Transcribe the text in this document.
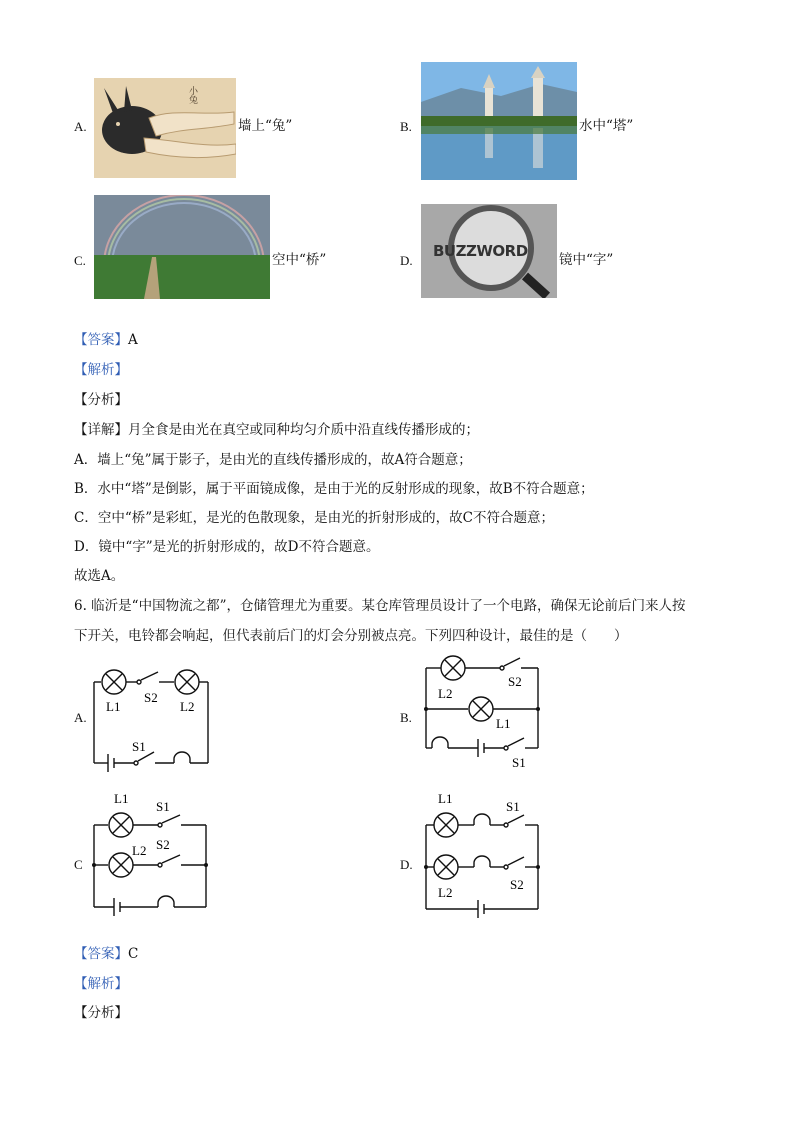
A.
小兔
墙上“兔”	B.	水中“塔”
C.	空中“桥”	D.
BUZZWORD 镜中“字”
【答案】A
【解析】
【分析】
【详解】月全食是由光在真空或同种均匀介质中沿直线传播形成的；
A．墙上“兔”属于影子，是由光的直线传播形成的，故A符合题意；
B．水中“塔”是倒影，属于平面镜成像，是由于光的反射形成的现象，故B不符合题意；
C．空中“桥”是彩虹，是光的色散现象，是由光的折射形成的，故C不符合题意；
D．镜中“字”是光的折射形成的，故D不符合题意。
故选A。
6. 临沂是“中国物流之都”，仓储管理尤为重要。某仓库管理员设计了一个电路，确保无论前后门来人按
下开关，电铃都会响起，但代表前后门的灯会分别被点亮。下列四种设计，最佳的是（　　）
A.
L1
S2
L2
S1
B.
L2
S2
L1
S1
C
L1
S1
L2 S2
D.
L1
S1
L2
S2
【答案】C
【解析】
【分析】
